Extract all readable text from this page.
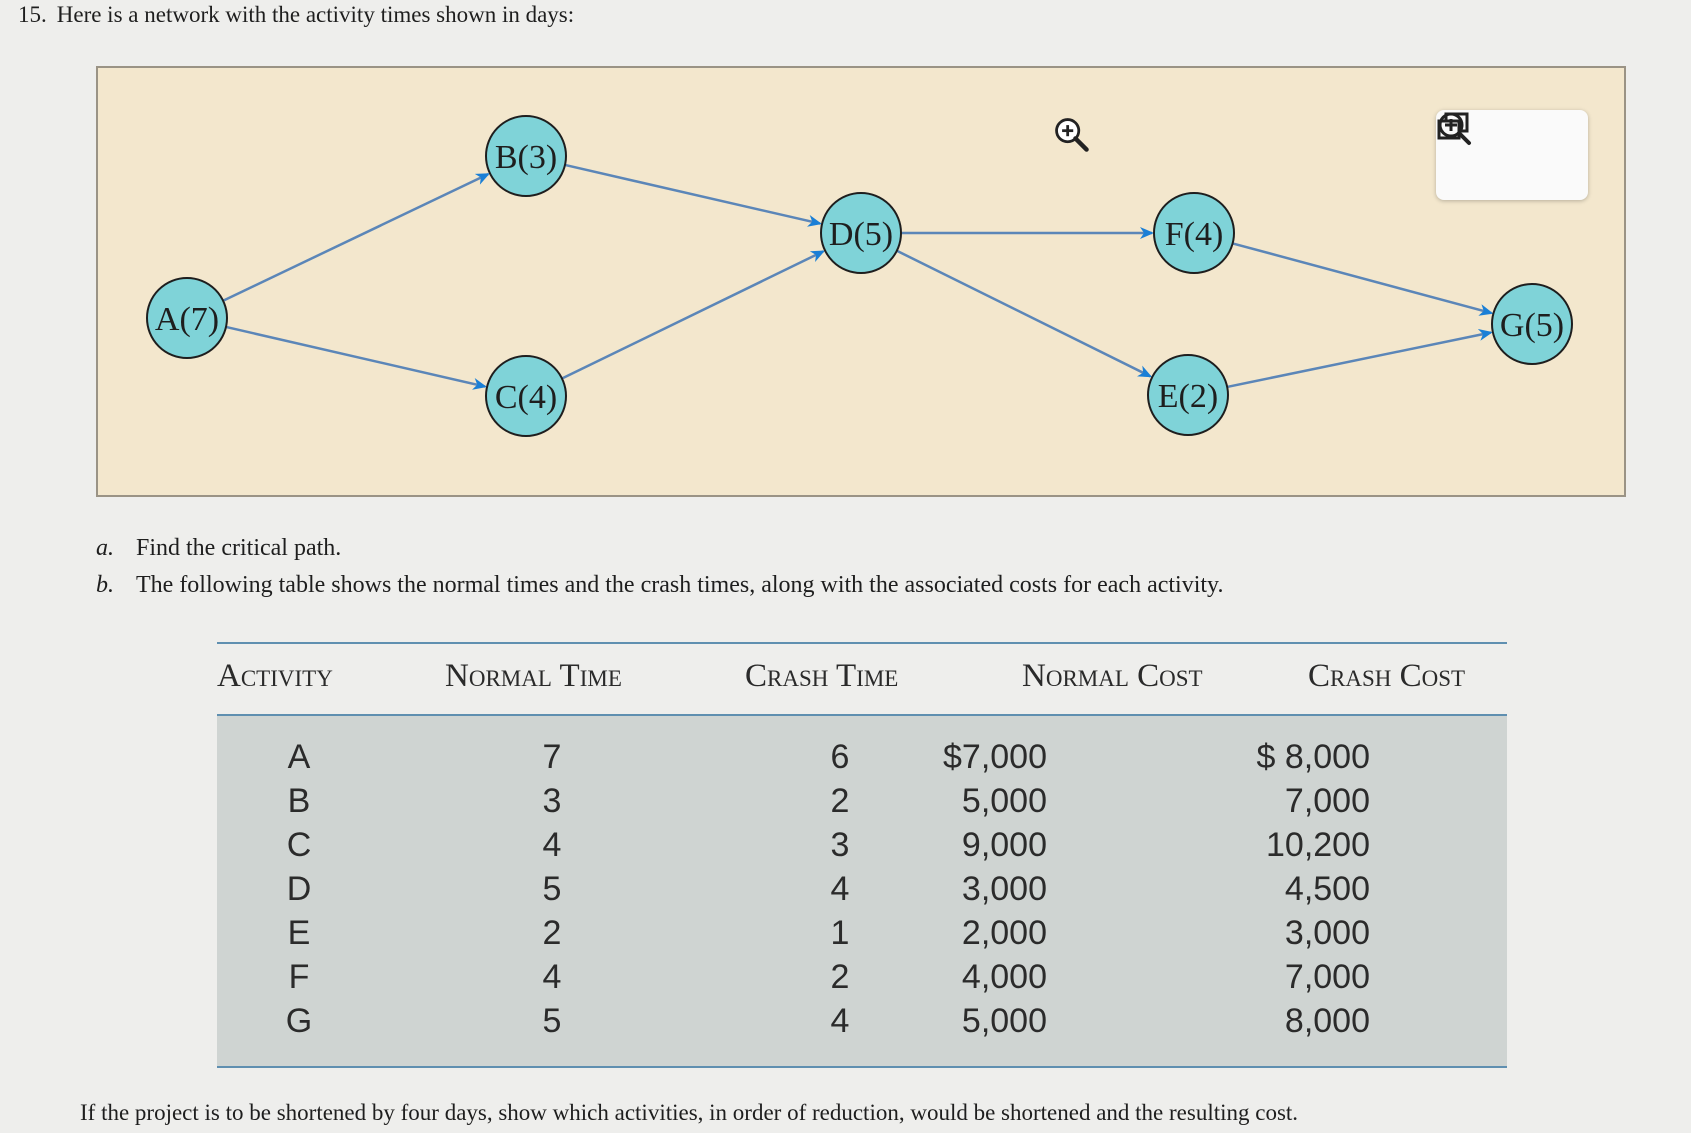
15. Here is a network with the activity times shown in days:
A(7)
B(3)
C(4)
D(5)
E(2)
F(4)
G(5)
a. Find the critical path.
b. The following table shows the normal times and the crash times, along with the associated costs for each activity.
Activity	Normal Time	Crash Time	Normal Cost	Crash Cost
A	7	6	$7,000	$ 8,000
B	3	2	5,000	7,000
C	4	3	9,000	10,200
D	5	4	3,000	4,500
E	2	1	2,000	3,000
F	4	2	4,000	7,000
G	5	4	5,000	8,000
If the project is to be shortened by four days, show which activities, in order of reduction, would be shortened and the resulting cost.
